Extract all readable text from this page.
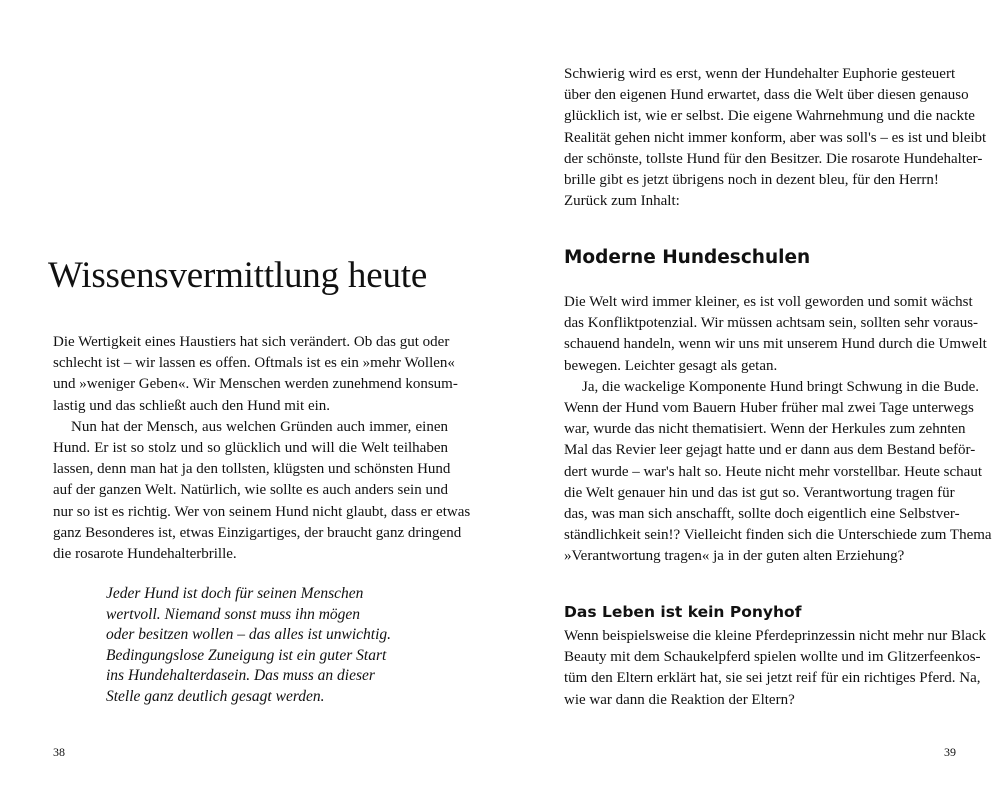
Wissensvermittlung heute
Die Wertigkeit eines Haustiers hat sich verändert. Ob das gut oder
schlecht ist – wir lassen es offen. Oftmals ist es ein »mehr Wollen«
und »weniger Geben«. Wir Menschen werden zunehmend konsum-
lastig und das schließt auch den Hund mit ein.
Nun hat der Mensch, aus welchen Gründen auch immer, einen
Hund. Er ist so stolz und so glücklich und will die Welt teilhaben
lassen, denn man hat ja den tollsten, klügsten und schönsten Hund
auf der ganzen Welt. Natürlich, wie sollte es auch anders sein und
nur so ist es richtig. Wer von seinem Hund nicht glaubt, dass er etwas
ganz Besonderes ist, etwas Einzigartiges, der braucht ganz dringend
die rosarote Hundehalterbrille.
Jeder Hund ist doch für seinen Menschen
wertvoll. Niemand sonst muss ihn mögen
oder besitzen wollen – das alles ist unwichtig.
Bedingungslose Zuneigung ist ein guter Start
ins Hundehalterdasein. Das muss an dieser
Stelle ganz deutlich gesagt werden.
38
Schwierig wird es erst, wenn der Hundehalter Euphorie gesteuert
über den eigenen Hund erwartet, dass die Welt über diesen genauso
glücklich ist, wie er selbst. Die eigene Wahrnehmung und die nackte
Realität gehen nicht immer konform, aber was soll's – es ist und bleibt
der schönste, tollste Hund für den Besitzer. Die rosarote Hundehalter-
brille gibt es jetzt übrigens noch in dezent bleu, für den Herrn!
Zurück zum Inhalt:
Moderne Hundeschulen
Die Welt wird immer kleiner, es ist voll geworden und somit wächst
das Konfliktpotenzial. Wir müssen achtsam sein, sollten sehr voraus-
schauend handeln, wenn wir uns mit unserem Hund durch die Umwelt
bewegen. Leichter gesagt als getan.
Ja, die wackelige Komponente Hund bringt Schwung in die Bude.
Wenn der Hund vom Bauern Huber früher mal zwei Tage unterwegs
war, wurde das nicht thematisiert. Wenn der Herkules zum zehnten
Mal das Revier leer gejagt hatte und er dann aus dem Bestand beför-
dert wurde – war's halt so. Heute nicht mehr vorstellbar. Heute schaut
die Welt genauer hin und das ist gut so. Verantwortung tragen für
das, was man sich anschafft, sollte doch eigentlich eine Selbstver-
ständlichkeit sein!? Vielleicht finden sich die Unterschiede zum Thema
»Verantwortung tragen« ja in der guten alten Erziehung?
Das Leben ist kein Ponyhof
Wenn beispielsweise die kleine Pferdeprinzessin nicht mehr nur Black
Beauty mit dem Schaukelpferd spielen wollte und im Glitzerfeenkos-
tüm den Eltern erklärt hat, sie sei jetzt reif für ein richtiges Pferd. Na,
wie war dann die Reaktion der Eltern?
39
